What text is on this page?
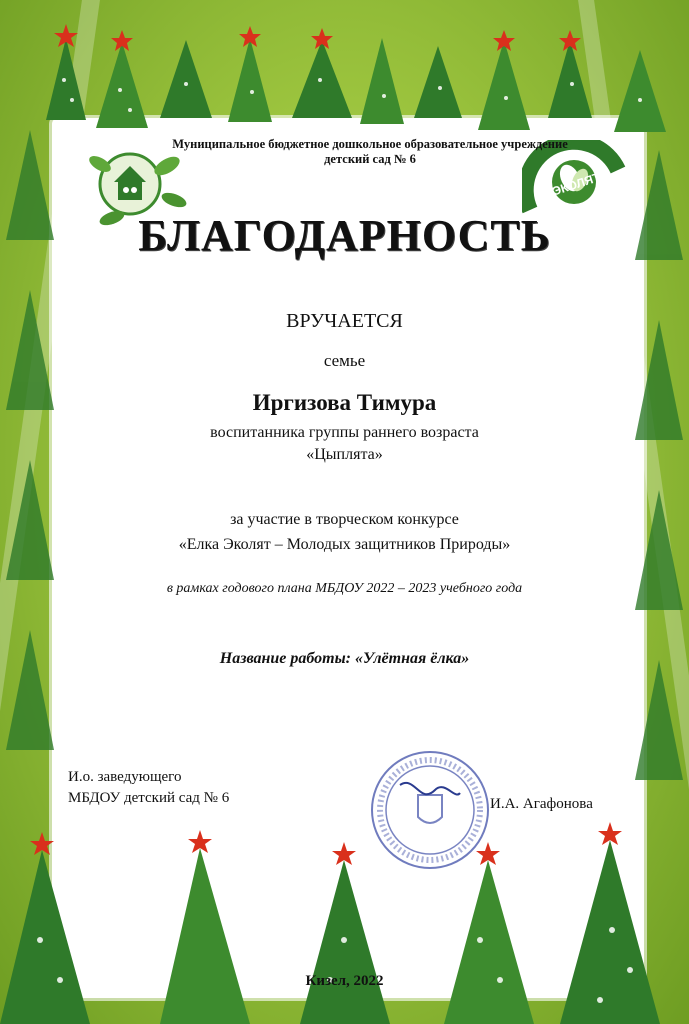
ЭКОЛЯТА
Муниципальное бюджетное дошкольное образовательное учреждение
детский сад № 6
БЛАГОДАРНОСТЬ
ВРУЧАЕТСЯ
семье
Иргизова Тимура
воспитанника группы раннего возраста
«Цыплята»
за участие в творческом конкурсе
«Елка Эколят – Молодых защитников Природы»
в рамках годового плана МБДОУ 2022 – 2023 учебного года
Название работы: «Улётная ёлка»
И.о. заведующего
МБДОУ детский сад № 6	И.А. Агафонова
Кизел, 2022
